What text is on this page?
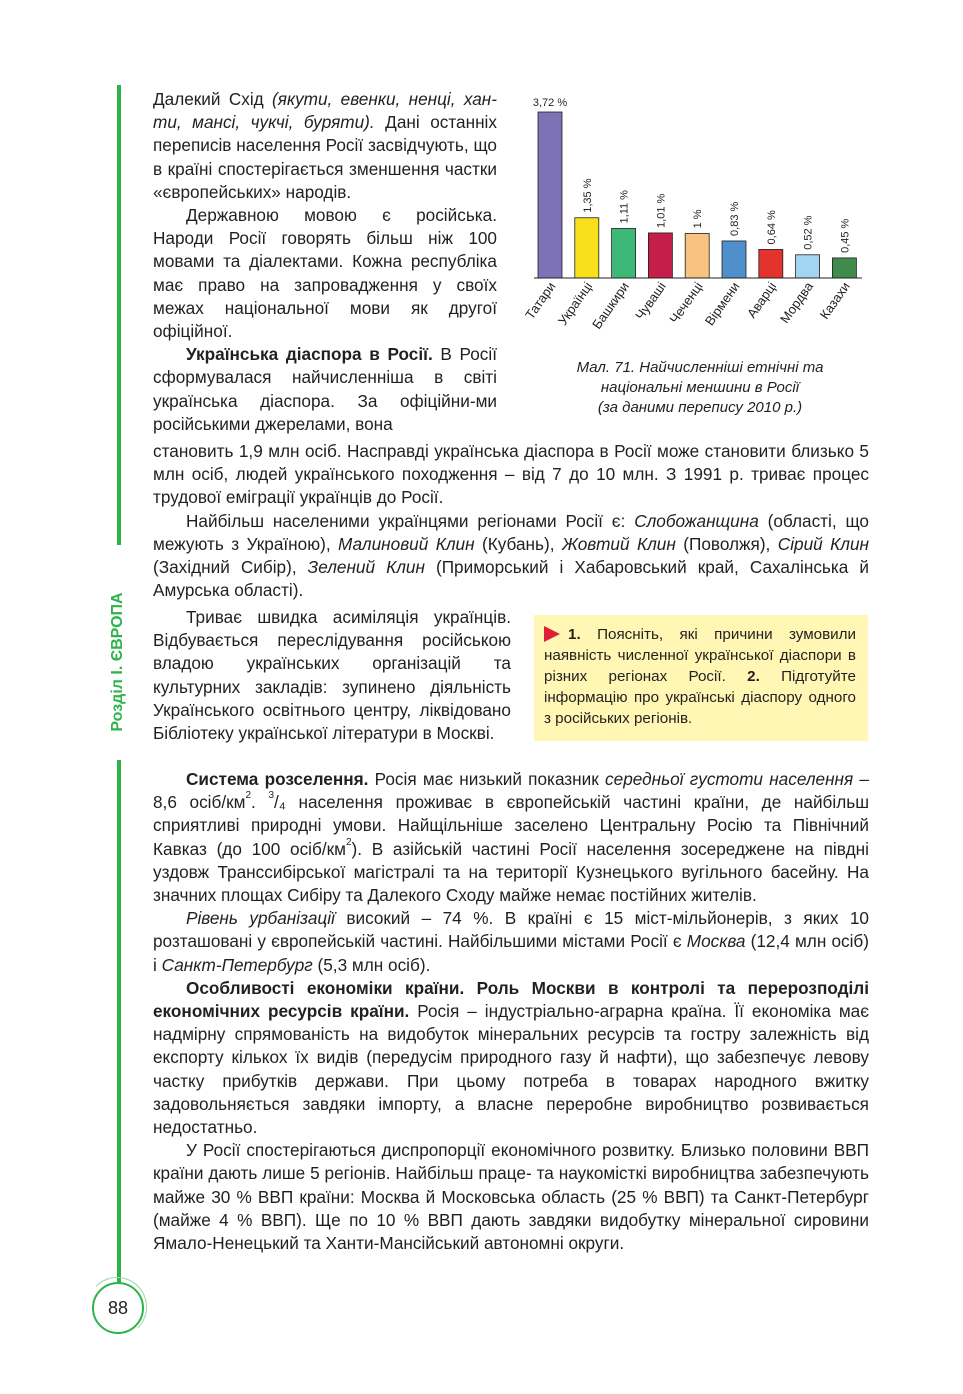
Розділ І. ЄВРОПА
88

Далекий Схід (якути, евенки, ненці, хан-ти, мансі, чукчі, буряти). Дані останніх переписів населення Росії засвідчують, що в країні спостерігається зменшення частки «європейських» народів.

Державною мовою є російська. Народи Росії говорять більш ніж 100 мовами та діалектами. Кожна республіка має право на запровадження у своїх межах національної мови як другої офіційної.

Українська діаспора в Росії. В Росії сформувалася найчисленніша в світі українська діаспора. За офіційни-ми російськими джерелами, вона

3,72 %
Татари
1,35 %
Українці
1,11 %
Башкири
1,01 %
Чуваші
1 %
Чеченці
0,83 %
Вірмени
0,64 %
Аварці
0,52 %
Мордва
0,45 %
Казахи
Мал. 71. Найчисленніші етнічні та
національні меншини в Росії
(за даними перепису 2010 р.)

становить 1,9 млн осіб. Насправді українська діаспора в Росії може становити близько 5 млн осіб, людей українського походження – від 7 до 10 млн. З 1991 р. триває процес трудової еміграції українців до Росії.

Найбільш населеними українцями регіонами Росії є: Слобожанщина (області, що межують з Україною), Малиновий Клин (Кубань), Жовтий Клин (Поволжя), Сірий Клин (Західний Сибір), Зелений Клин (Приморський і Хабаровський край, Сахалінська й Амурська області).

Триває швидка асиміляція українців. Відбувається переслідування російською владою українських організацій та культурних закладів: зупинено діяльність Українського освітнього центру, ліквідовано Бібліотеку української літератури в Москві.

1. Поясніть, які причини зумовили наявність численної української діаспори в різних регіонах Росії. 2. Підготуйте інформацію про українські діаспору одного з російських регіонів.

Система розселення. Росія має низький показник середньої густоти населення – 8,6 осіб/$км^2$. $^3$/₄ населення проживає в європейській частині країни, де найбільш сприятливі природні умови. Найщільніше заселено Центральну Росію та Північний Кавказ (до 100 осіб/$км^2$). В азійській частині Росії населення зосереджене на півдні уздовж Транссибірської магістралі та на території Кузнецького вугільного басейну. На значних площах Сибіру та Далекого Сходу майже немає постійних жителів.

Рівень урбанізації високий – 74 %. В країні є 15 міст-мільйонерів, з яких 10 розташовані у європейській частині. Найбільшими містами Росії є Москва (12,4 млн осіб) і Санкт-Петербург (5,3 млн осіб).

Особливості економіки країни. Роль Москви в контролі та перерозподілі економічних ресурсів країни. Росія – індустріально-аграрна країна. Її економіка має надмірну спрямованість на видобуток мінеральних ресурсів та гостру залежність від експорту кількох їх видів (передусім природного газу й нафти), що забезпечує левову частку прибутків держави. При цьому потреба в товарах народного вжитку задовольняється завдяки імпорту, а власне переробне виробництво розвивається недостатньо.

У Росії спостерігаються диспропорції економічного розвитку. Близько половини ВВП країни дають лише 5 регіонів. Найбільш праце- та наукомісткі виробництва забезпечують майже 30 % ВВП країни: Москва й Московська область (25 % ВВП) та Санкт-Петербург (майже 4 % ВВП). Ще по 10 % ВВП дають завдяки видобутку мінеральної сировини Ямало-Ненецький та Ханти-Мансійський автономні округи.
